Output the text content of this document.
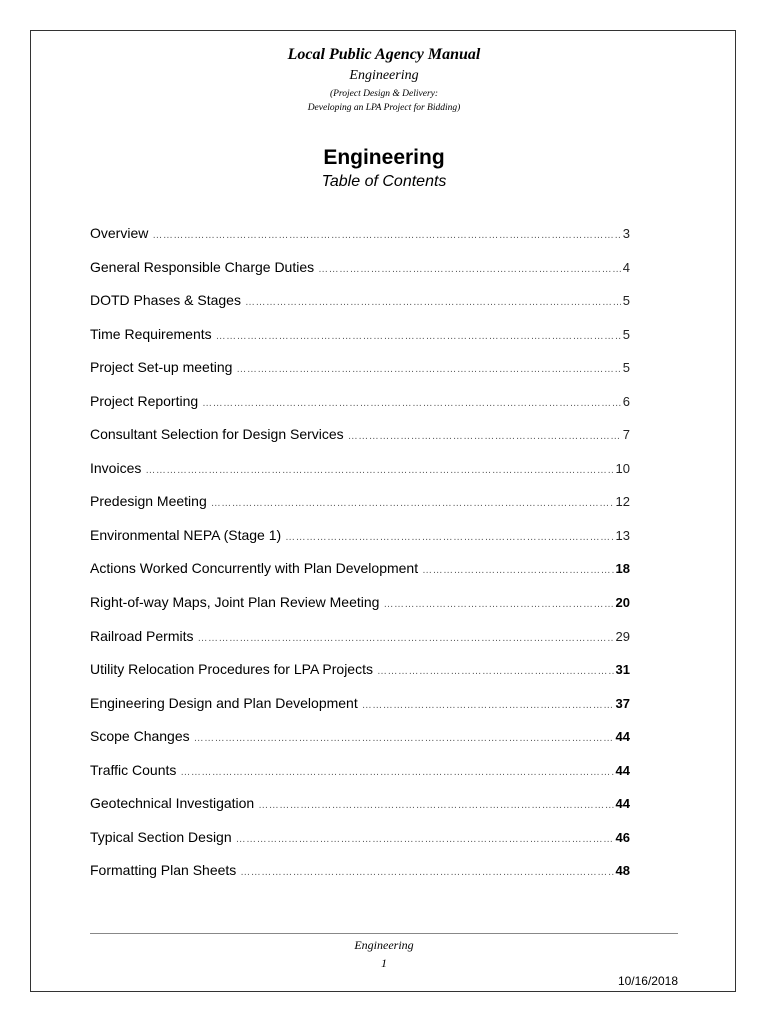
Local Public Agency Manual
Engineering
(Project Design & Delivery:
Developing an LPA Project for Bidding)
Engineering
Table of Contents
Overview ……………………………………………………………………………………………………………………………………	3
General Responsible Charge Duties ……………………………………………………………………………………………………………………………………	4
DOTD Phases & Stages ……………………………………………………………………………………………………………………………………	5
Time Requirements ……………………………………………………………………………………………………………………………………	5
Project Set-up meeting ……………………………………………………………………………………………………………………………………	5
Project Reporting ……………………………………………………………………………………………………………………………………	6
Consultant Selection for Design Services ……………………………………………………………………………………………………………………………………	7
Invoices ……………………………………………………………………………………………………………………………………	10
Predesign Meeting ……………………………………………………………………………………………………………………………………	12
Environmental NEPA (Stage 1) ……………………………………………………………………………………………………………………………………	13
Actions Worked Concurrently with Plan Development ……………………………………………………………………………………………………………………………………	18
Right-of-way Maps, Joint Plan Review Meeting ……………………………………………………………………………………………………………………………………	20
Railroad Permits ……………………………………………………………………………………………………………………………………	29
Utility Relocation Procedures for LPA Projects ……………………………………………………………………………………………………………………………………	31
Engineering Design and Plan Development ……………………………………………………………………………………………………………………………………	37
Scope Changes ……………………………………………………………………………………………………………………………………	44
Traffic Counts ……………………………………………………………………………………………………………………………………	44
Geotechnical Investigation ……………………………………………………………………………………………………………………………………	44
Typical Section Design ……………………………………………………………………………………………………………………………………	46
Formatting Plan Sheets ……………………………………………………………………………………………………………………………………	48
Engineering
1
10/16/2018
